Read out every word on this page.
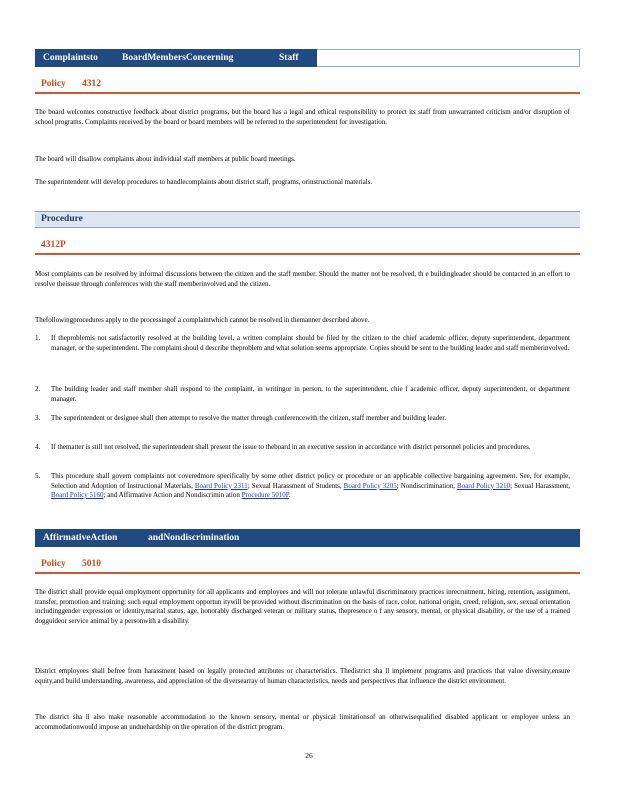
Complaintsto	BoardMembersConcerning	Staff
Policy 4312
The board welcomes constructive feedback about district programs, but the board has a legal and ethical responsibility to protect its staff from unwarranted criticism and/or disruption of school programs. Complaints received by the board or board members will be referred to the superintendent for investigation.
The board will disallow complaints about individual staff members at public board meetings.
The superintendent will develop procedures to handlecomplaints about district staff, programs, orinstructional materials.
Procedure
4312P
Most complaints can be resolved by informal discussions between the citizen and the staff member. Should the matter not be resolved, th e buildingleader should be contacted in an effort to resolve theissue through conferences with the staff memberinvolved and the citizen.
Thefollowingprocedures apply to the processingof a complaintwhich cannot be resolved in themanner described above.
1. If theproblemis not satisfactorily resolved at the building level, a written complaint should be filed by the citizen to the chief academic officer, deputy superintendent, department manager, or the superintendent. The complaint shoul d describe theproblem and what solution seems appropriate. Copies should be sent to the building leader and staff memberinvolved.
2. The building leader and staff member shall respond to the complaint, in writingor in person, to the superintendent, chie f academic officer, deputy superintendent, or department manager.
3. The superintendent or designee shall then attempt to resolve the matter through conferencewith the citizen, staff member and building leader.
4. If thematter is still not resolved, the superintendent shall present the issue to theboard in an executive session in accordance with district personnel policies and procedures.
5. This procedure shall govern complaints not coveredmore specifically by some other district policy or procedure or an applicable collective bargaining agreement. See, for example, Selection and Adoption of Instructional Materials, Board Policy 2311; Sexual Harassment of Students, Board Policy 3205; Nondiscrimination, Board Policy 3210; Sexual Harassment, Board Policy 5160; and Affirmative Action and Nondiscrimin ation Procedure 5010P.
AffirmativeAction	andNondiscrimination
Policy 5010
The district shall provide equal employment opportunity for all applicants and employees and will not tolerate unlawful discriminatory practices inrecruitment, hiring, retention, assignment, transfer, promotion and training; such equal employment opportun itywill be provided without discrimination on the basis of race, color, national origin, creed, religion, sex, sexual orientation includinggender expression or identity,marital status, age, honorably discharged veteran or military status, thepresence o f any sensory, mental, or physical disability, or the use of a trained dogguideor service animal by a personwith a disability.
District employees shall befree from harassment based on legally protected attributes or characteristics. Thedistrict sha ll implement programs and practices that value diversity,ensure equity,and build understanding, awareness, and appreciation of the diversearray of human characteristics, needs and perspectives that influence the district environment.
The district sha ll also make reasonable accommodation to the known sensory, mental or physical limitationsof an otherwisequalified disabled applicant or employee unless an accommodationwould impose an unduehardship on the operation of the district program.
26
